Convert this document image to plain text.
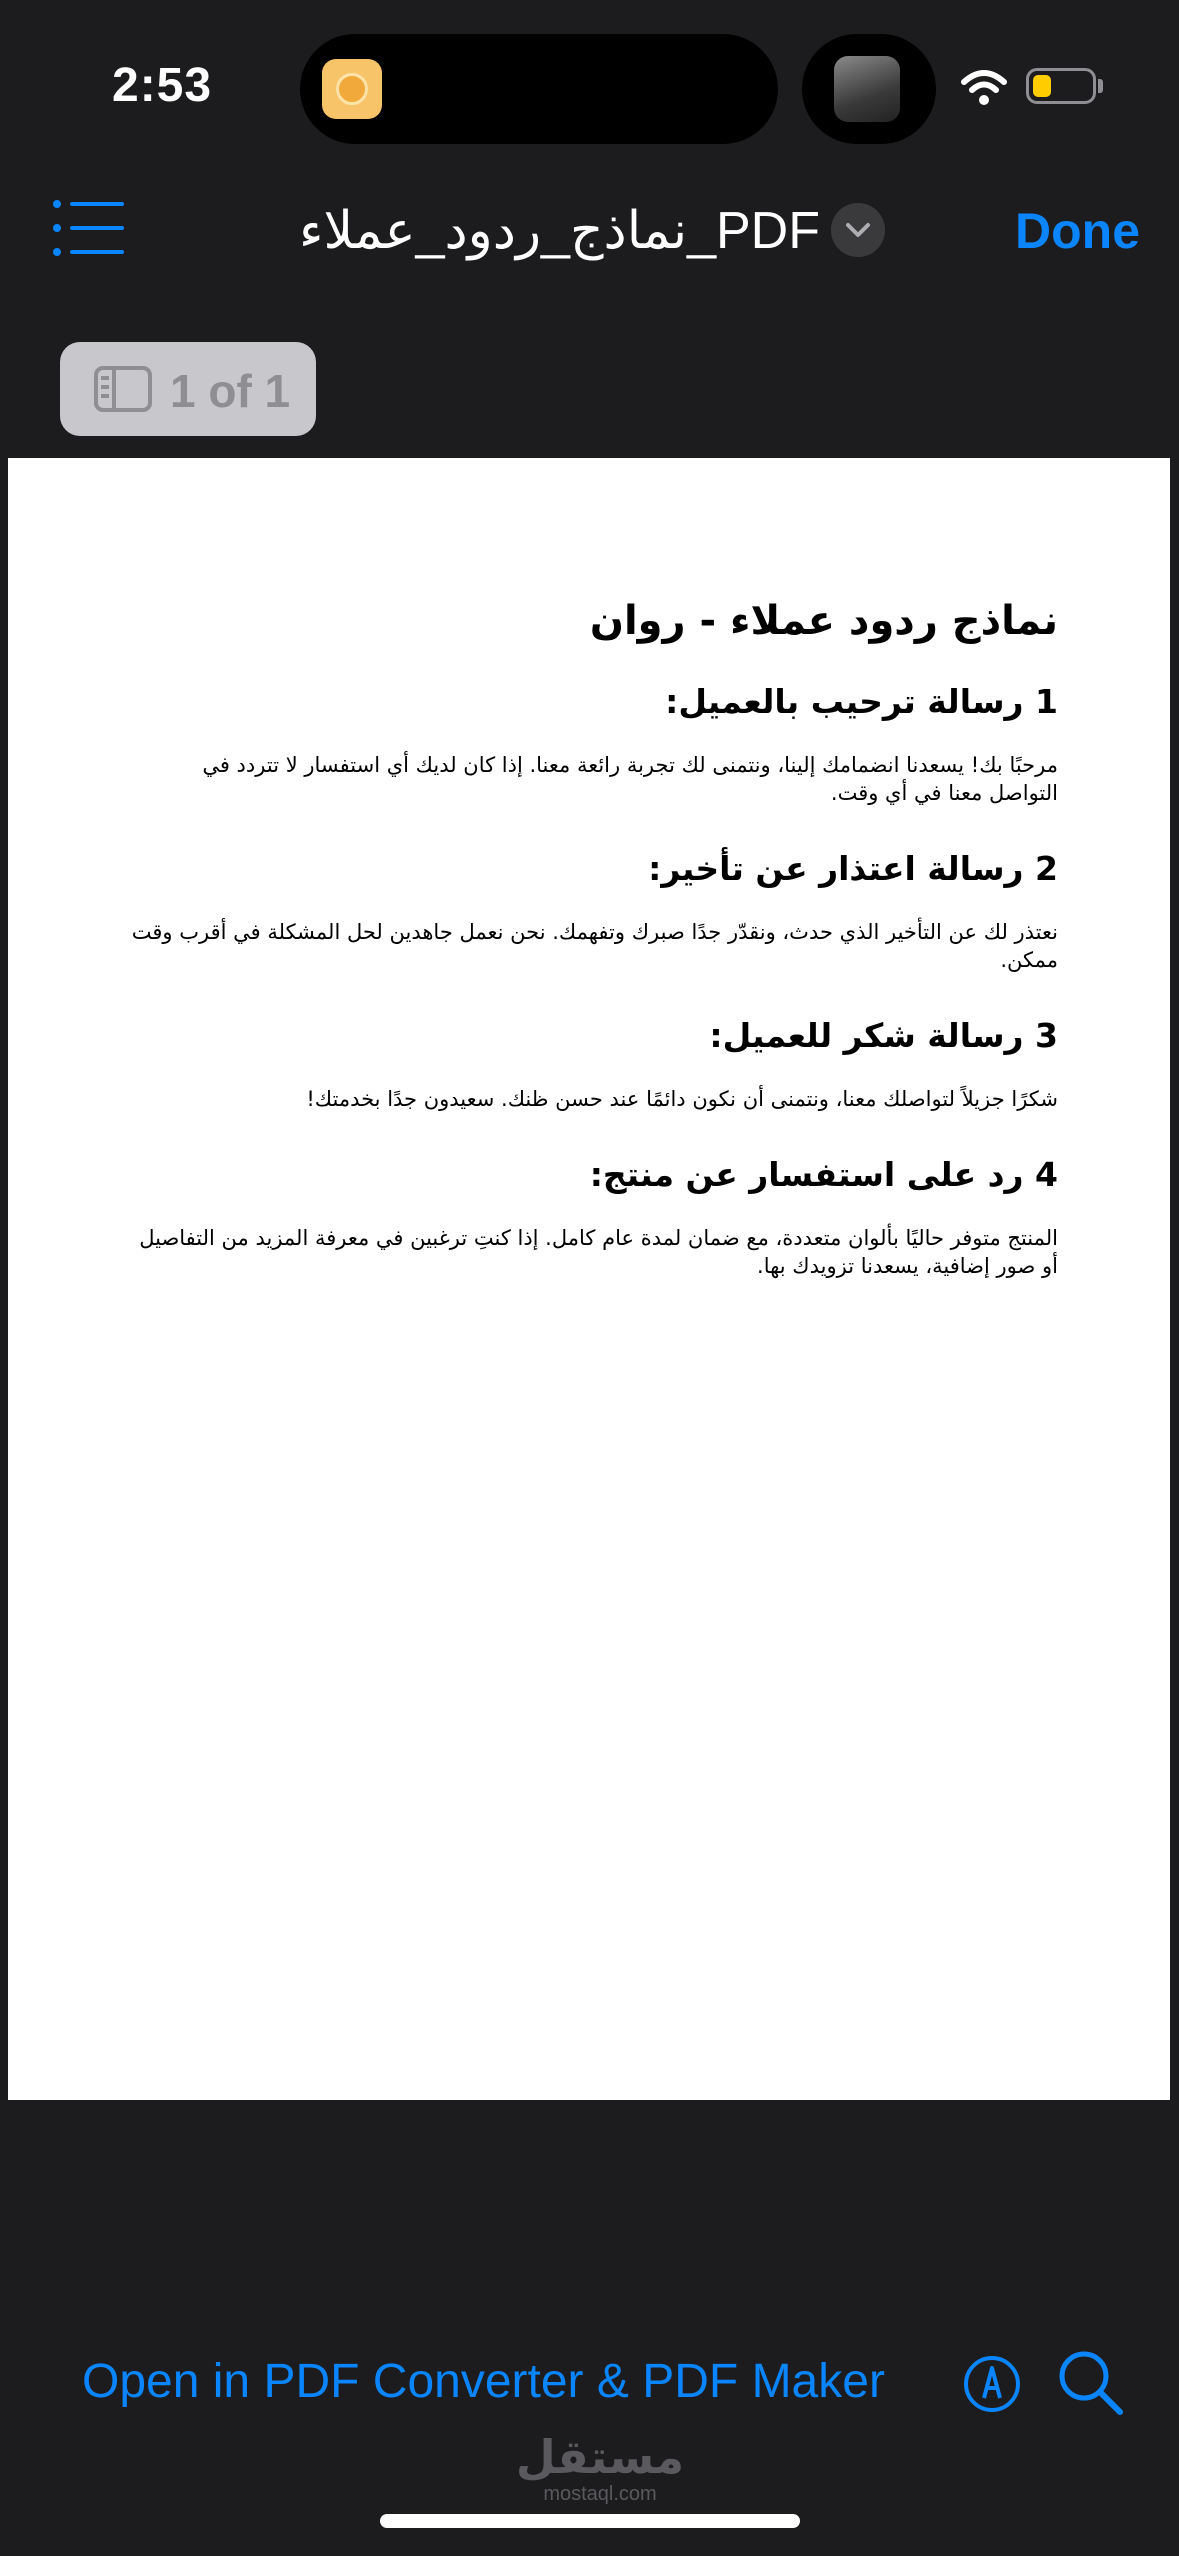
2:53
نماذج_ردود_عملاء_PDF	Done
1 of 1
نماذج ردود عملاء - روان
1 رسالة ترحيب بالعميل:
مرحبًا بك! يسعدنا انضمامك إلينا، ونتمنى لك تجربة رائعة معنا. إذا كان لديك أي استفسار لا تتردد في التواصل معنا في أي وقت.
2 رسالة اعتذار عن تأخير:
نعتذر لك عن التأخير الذي حدث، ونقدّر جدًا صبرك وتفهمك. نحن نعمل جاهدين لحل المشكلة في أقرب وقت ممكن.
3 رسالة شكر للعميل:
شكرًا جزيلاً لتواصلك معنا، ونتمنى أن نكون دائمًا عند حسن ظنك. سعيدون جدًا بخدمتك!
4 رد على استفسار عن منتج:
المنتج متوفر حاليًا بألوان متعددة، مع ضمان لمدة عام كامل. إذا كنتِ ترغبين في معرفة المزيد من التفاصيل أو صور إضافية، يسعدنا تزويدك بها.
Open in PDF Converter & PDF Maker
مستقل
mostaql.com
